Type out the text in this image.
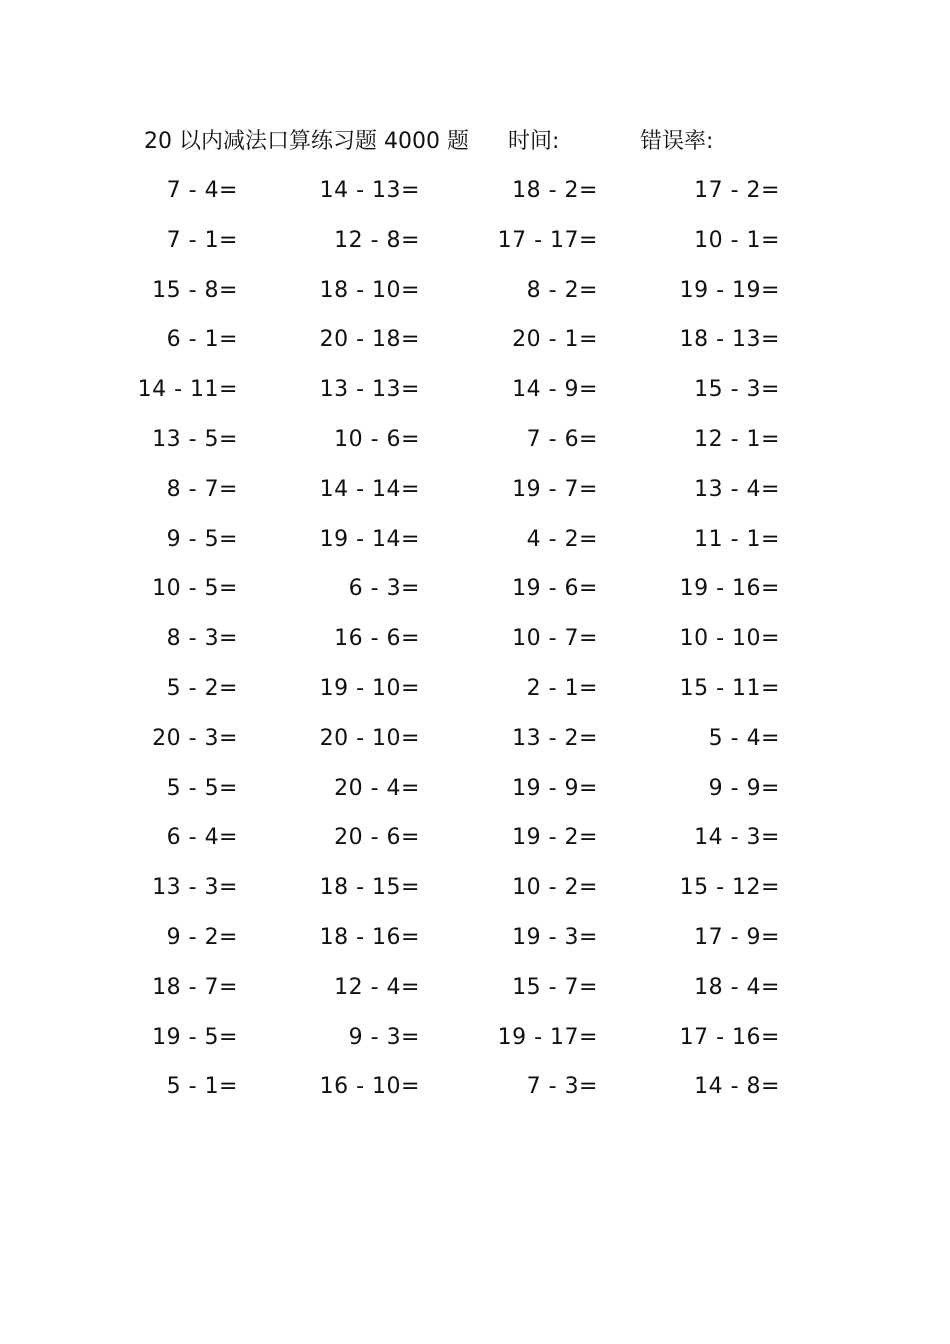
20 以内减法口算练习题 4000 题 时间:	错误率:
7 - 4=	14 - 13=	18 - 2=	17 - 2=
7 - 1=	12 - 8=	17 - 17=	10 - 1=
15 - 8=	18 - 10=	8 - 2=	19 - 19=
6 - 1=	20 - 18=	20 - 1=	18 - 13=
14 - 11=	13 - 13=	14 - 9=	15 - 3=
13 - 5=	10 - 6=	7 - 6=	12 - 1=
8 - 7=	14 - 14=	19 - 7=	13 - 4=
9 - 5=	19 - 14=	4 - 2=	11 - 1=
10 - 5=	6 - 3=	19 - 6=	19 - 16=
8 - 3=	16 - 6=	10 - 7=	10 - 10=
5 - 2=	19 - 10=	2 - 1=	15 - 11=
20 - 3=	20 - 10=	13 - 2=	5 - 4=
5 - 5=	20 - 4=	19 - 9=	9 - 9=
6 - 4=	20 - 6=	19 - 2=	14 - 3=
13 - 3=	18 - 15=	10 - 2=	15 - 12=
9 - 2=	18 - 16=	19 - 3=	17 - 9=
18 - 7=	12 - 4=	15 - 7=	18 - 4=
19 - 5=	9 - 3=	19 - 17=	17 - 16=
5 - 1=	16 - 10=	7 - 3=	14 - 8=
